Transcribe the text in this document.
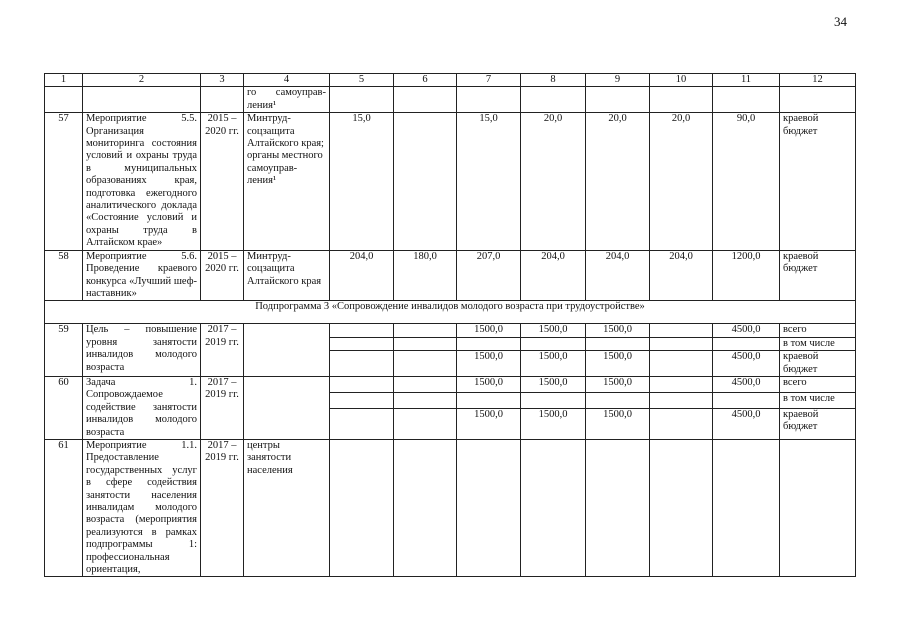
34
1	2	3	4	5	6	7	8	9	10	11	12
			го самоуправ-ления¹								
57	Мероприятие 5.5. Организация мониторинга состояния условий и охраны труда в муниципальных образованиях края, подготовка ежегодного аналитического доклада «Состояние условий и охраны труда в Алтайском крае»	2015 – 2020 гг.	Минтруд-соцзащита Алтайского края; органы местного самоуправ-ления¹	15,0		15,0	20,0	20,0	20,0	90,0	краевой бюджет
58	Мероприятие 5.6. Проведение краевого конкурса «Лучший шеф-наставник»	2015 – 2020 гг.	Минтруд-соцзащита Алтайского края	204,0	180,0	207,0	204,0	204,0	204,0	1200,0	краевой бюджет
Подпрограмма 3 «Сопровождение инвалидов молодого возраста при трудоустройстве»											
59	Цель – повышение уровня занятости инвалидов молодого возраста	2017 – 2019 гг.				1500,0	1500,0	1500,0		4500,0	всего
											в том числе
						1500,0	1500,0	1500,0		4500,0	краевой бюджет
60	Задача 1. Сопровождаемое содействие занятости инвалидов молодого возраста	2017 – 2019 гг.				1500,0	1500,0	1500,0		4500,0	всего
											в том числе
						1500,0	1500,0	1500,0		4500,0	краевой бюджет
61	Мероприятие 1.1. Предоставление государственных услуг в сфере содействия занятости населения инвалидам молодого возраста (мероприятия реализуются в рамках подпрограммы 1: профессиональная ориентация,	2017 – 2019 гг.	центры занятости населения								
